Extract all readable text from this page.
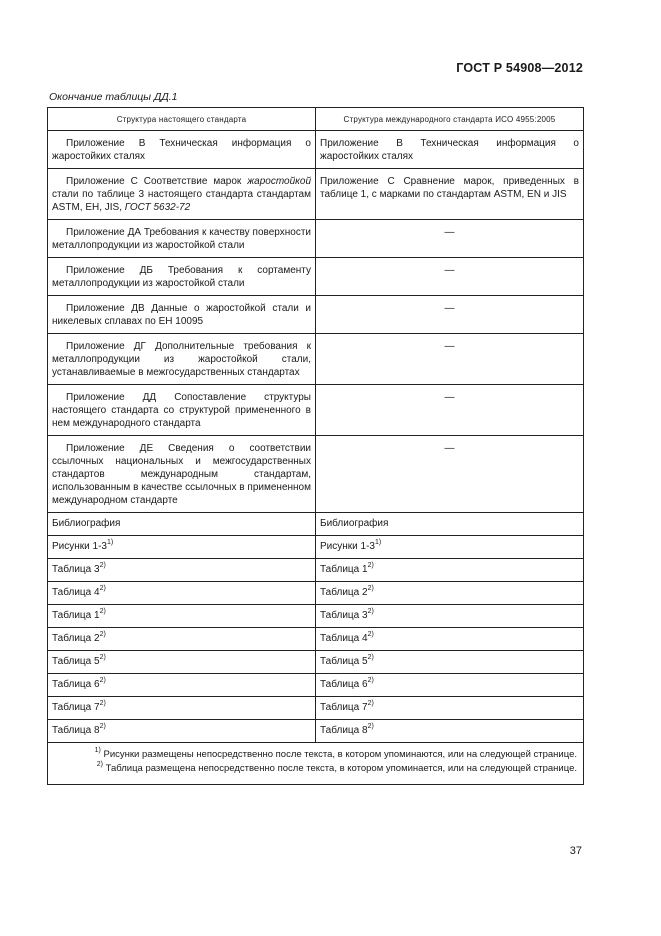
ГОСТ Р 54908—2012
Окончание таблицы ДД.1
Структура настоящего стандарта	Структура международного стандарта ИСО 4955:2005

Приложение В Техническая информация о жаростойких сталях	Приложение В Техническая информация о жаростойких сталях

Приложение С Соответствие марок жаростойкой стали по таблице 3 настоящего стандарта стандартам ASTM, EH, JIS, ГОСТ 5632-72	Приложение С Сравнение марок, приведенных в таблице 1, с марками по стандартам ASTM, EN и JIS

Приложение ДА Требования к качеству поверхности металлопродукции из жаростойкой стали	—

Приложение ДБ Требования к сортаменту металлопродукции из жаростойкой стали	—

Приложение ДВ Данные о жаростойкой стали и никелевых сплавах по ЕН 10095	—

Приложение ДГ Дополнительные требования к металлопродукции из жаростойкой стали, устанавливаемые в межгосударственных стандартах	—

Приложение ДД Сопоставление структуры настоящего стандарта со структурой примененного в нем международного стандарта	—

Приложение ДЕ Сведения о соответствии ссылочных национальных и межгосударственных стандартов международным стандартам, использованным в качестве ссылочных в примененном международном стандарте	—
Библиография	Библиография
Рисунки 1-3$^{1)}$	Рисунки 1-3$^{1)}$
Таблица 3$^{2)}$	Таблица 1$^{2)}$
Таблица 4$^{2)}$	Таблица 2$^{2)}$
Таблица 1$^{2)}$	Таблица 3$^{2)}$
Таблица 2$^{2)}$	Таблица 4$^{2)}$
Таблица 5$^{2)}$	Таблица 5$^{2)}$
Таблица 6$^{2)}$	Таблица 6$^{2)}$
Таблица 7$^{2)}$	Таблица 7$^{2)}$
Таблица 8$^{2)}$	Таблица 8$^{2)}$

$^{1)}$ Рисунки размещены непосредственно после текста, в котором упоминаются, или на следующей странице.
$^{2)}$ Таблица размещена непосредственно после текста, в котором упоминается, или на следующей странице.	
37
